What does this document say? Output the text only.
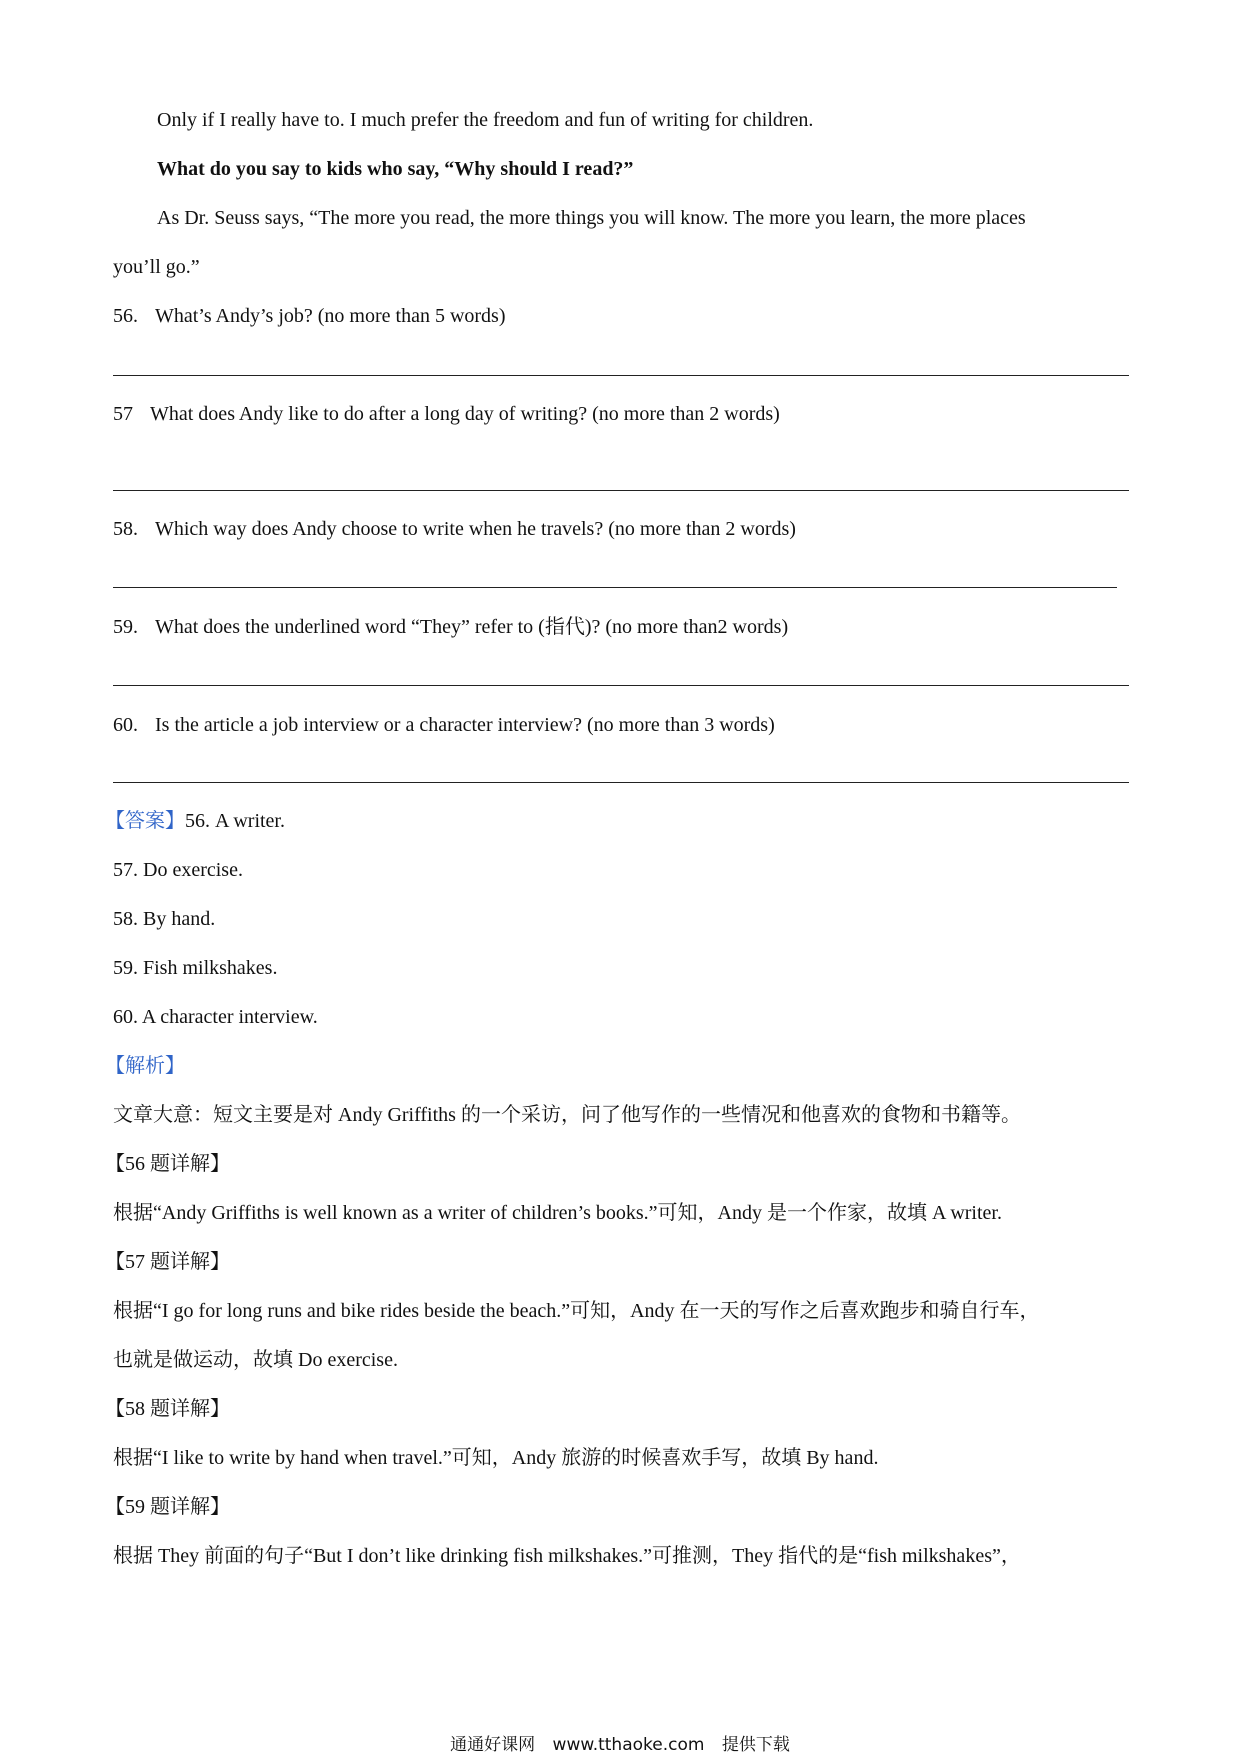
Only if I really have to. I much prefer the freedom and fun of writing for children.
What do you say to kids who say, “Why should I read?”
As Dr. Seuss says, “The more you read, the more things you will know. The more you learn, the more places
you’ll go.”
56. What’s Andy’s job? (no more than 5 words)
57 What does Andy like to do after a long day of writing? (no more than 2 words)
58. Which way does Andy choose to write when he travels? (no more than 2 words)
59. What does the underlined word “They” refer to (指代)? (no more than2 words)
60. Is the article a job interview or a character interview? (no more than 3 words)
【答案】56. A writer.
57. Do exercise.
58. By hand.
59. Fish milkshakes.
60. A character interview.
【解析】
文章大意：短文主要是对 Andy Griffiths 的一个采访，问了他写作的一些情况和他喜欢的食物和书籍等。
【56 题详解】
根据“Andy Griffiths is well known as a writer of children’s books.”可知，Andy 是一个作家，故填 A writer.
【57 题详解】
根据“I go for long runs and bike rides beside the beach.”可知，Andy 在一天的写作之后喜欢跑步和骑自行车，
也就是做运动，故填 Do exercise.
【58 题详解】
根据“I like to write by hand when travel.”可知，Andy 旅游的时候喜欢手写，故填 By hand.
【59 题详解】
根据 They 前面的句子“But I don’t like drinking fish milkshakes.”可推测，They 指代的是“fish milkshakes”，
通通好课网 www.tthaoke.com 提供下载
